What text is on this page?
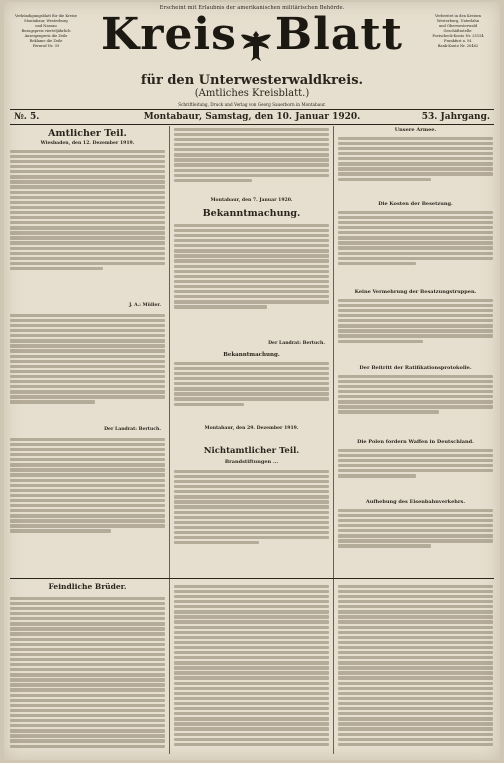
Erscheint mit Erlaubnis der amerikanischen militärischen Behörde.
Verkündigungsblatt für die Kreise
Montabaur, Westerburg
und Nassau
Bezugspreis vierteljährlich
Anzeigenpreis die Zeile
Reklame die Zeile
Fernruf Nr. 39
Verbreitet in den Kreisen
Westerburg, Unterlahn
und Oberwesterwald
Geschäftsstelle:
Postscheck-Konto Nr. 25154
Frankfurt a. M.
Bank-Konto Nr. 20462
Kreis Blatt
für den Unterwesterwaldkreis.
(Amtliches Kreisblatt.)
Schriftleitung, Druck und Verlag von Georg Sauerborn in Montabaur.
№. 5.	Montabaur, Samstag, den 10. Januar 1920.	53. Jahrgang.
Amtlicher Teil.
Wiesbaden, den 12. Dezember 1919.
J. A.: Müller.
Der Landrat: Bertuch.
Montabaur, den 7. Januar 1920.
Bekanntmachung.
Der Landrat: Bertuch.
Bekanntmachung.
Montabaur, den 29. Dezember 1919.
Nichtamtlicher Teil.
Brandstiftungen ...
Unsere Armee.
Die Kosten der Besetzung.
Keine Vermehrung der Besatzungstruppen.
Der Beitritt der Ratifikationsprotokolle.
Die Polen fordern Waffen in Deutschland.
Aufhebung des Eisenbahnverkehrs.
Feindliche Brüder.
